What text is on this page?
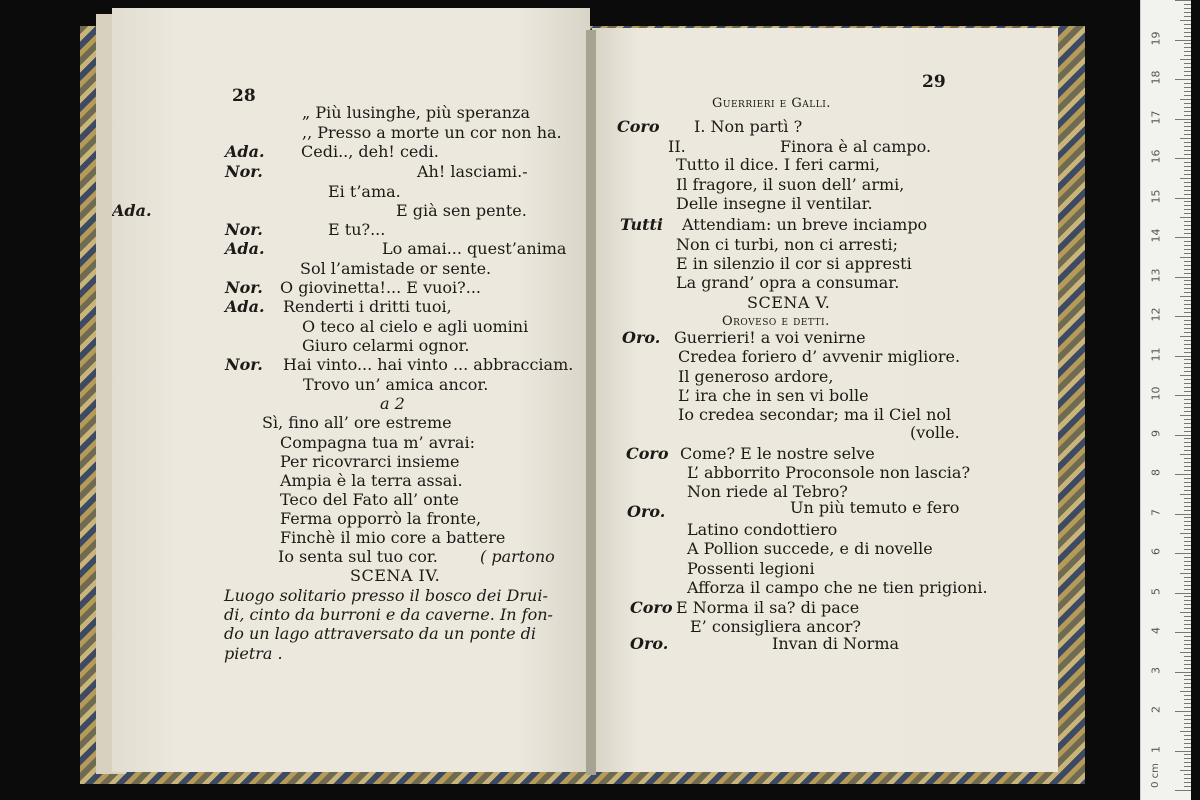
28
„ Più lusinghe, più speranza
,, Presso a morte un cor non ha.
Ada. Cedi.., deh! cedi.
Nor.	Ah! lasciami.-
Ei t’ama.
Ada.	E già sen pente.
Nor.	E tu?...
Ada.	Lo amai... quest’anima
Sol l’amistade or sente.
Nor. O giovinetta!... E vuoi?...
Ada. Renderti i dritti tuoi,
O teco al cielo e agli uomini
Giuro celarmi ognor.
Nor. Hai vinto... hai vinto ... abbracciam.
Trovo un’ amica ancor.
a 2
Sì, fino all’ ore estreme
Compagna tua m’ avrai:
Per ricovrarci insieme
Ampia è la terra assai.
Teco del Fato all’ onte
Ferma opporrò la fronte,
Finchè il mio core a battere
Io senta sul tuo cor.	( partono
SCENA IV.
Luogo solitario presso il bosco dei Drui-
di, cinto da burroni e da caverne. In fon-
do un lago attraversato da un ponte di
pietra .
29
Guerrieri e Galli.
Coro I. Non partì ?
II.	Finora è al campo.
Tutto il dice. I feri carmi,
Il fragore, il suon dell’ armi,
Delle insegne il ventilar.
Tutti Attendiam: un breve inciampo
Non ci turbi, non ci arresti;
E in silenzio il cor si appresti
La grand’ opra a consumar.
SCENA V.
Oroveso e detti.
Oro. Guerrieri! a voi venirne
Credea foriero d’ avvenir migliore.
Il generoso ardore,
L’ ira che in sen vi bolle
Io credea secondar; ma il Ciel nol
(volle.
Coro Come? E le nostre selve
L’ abborrito Proconsole non lascia?
Non riede al Tebro?
Oro.	Un più temuto e fero
Latino condottiero
A Pollion succede, e di novelle
Possenti legioni
Afforza il campo che ne tien prigioni.
Coro E Norma il sa? di pace
E’ consigliera ancor?
Oro.	Invan di Norma
0 cm
1
2
3
4
5
6
7
8
9
10
11
12
13
14
15
16
17
18
19
